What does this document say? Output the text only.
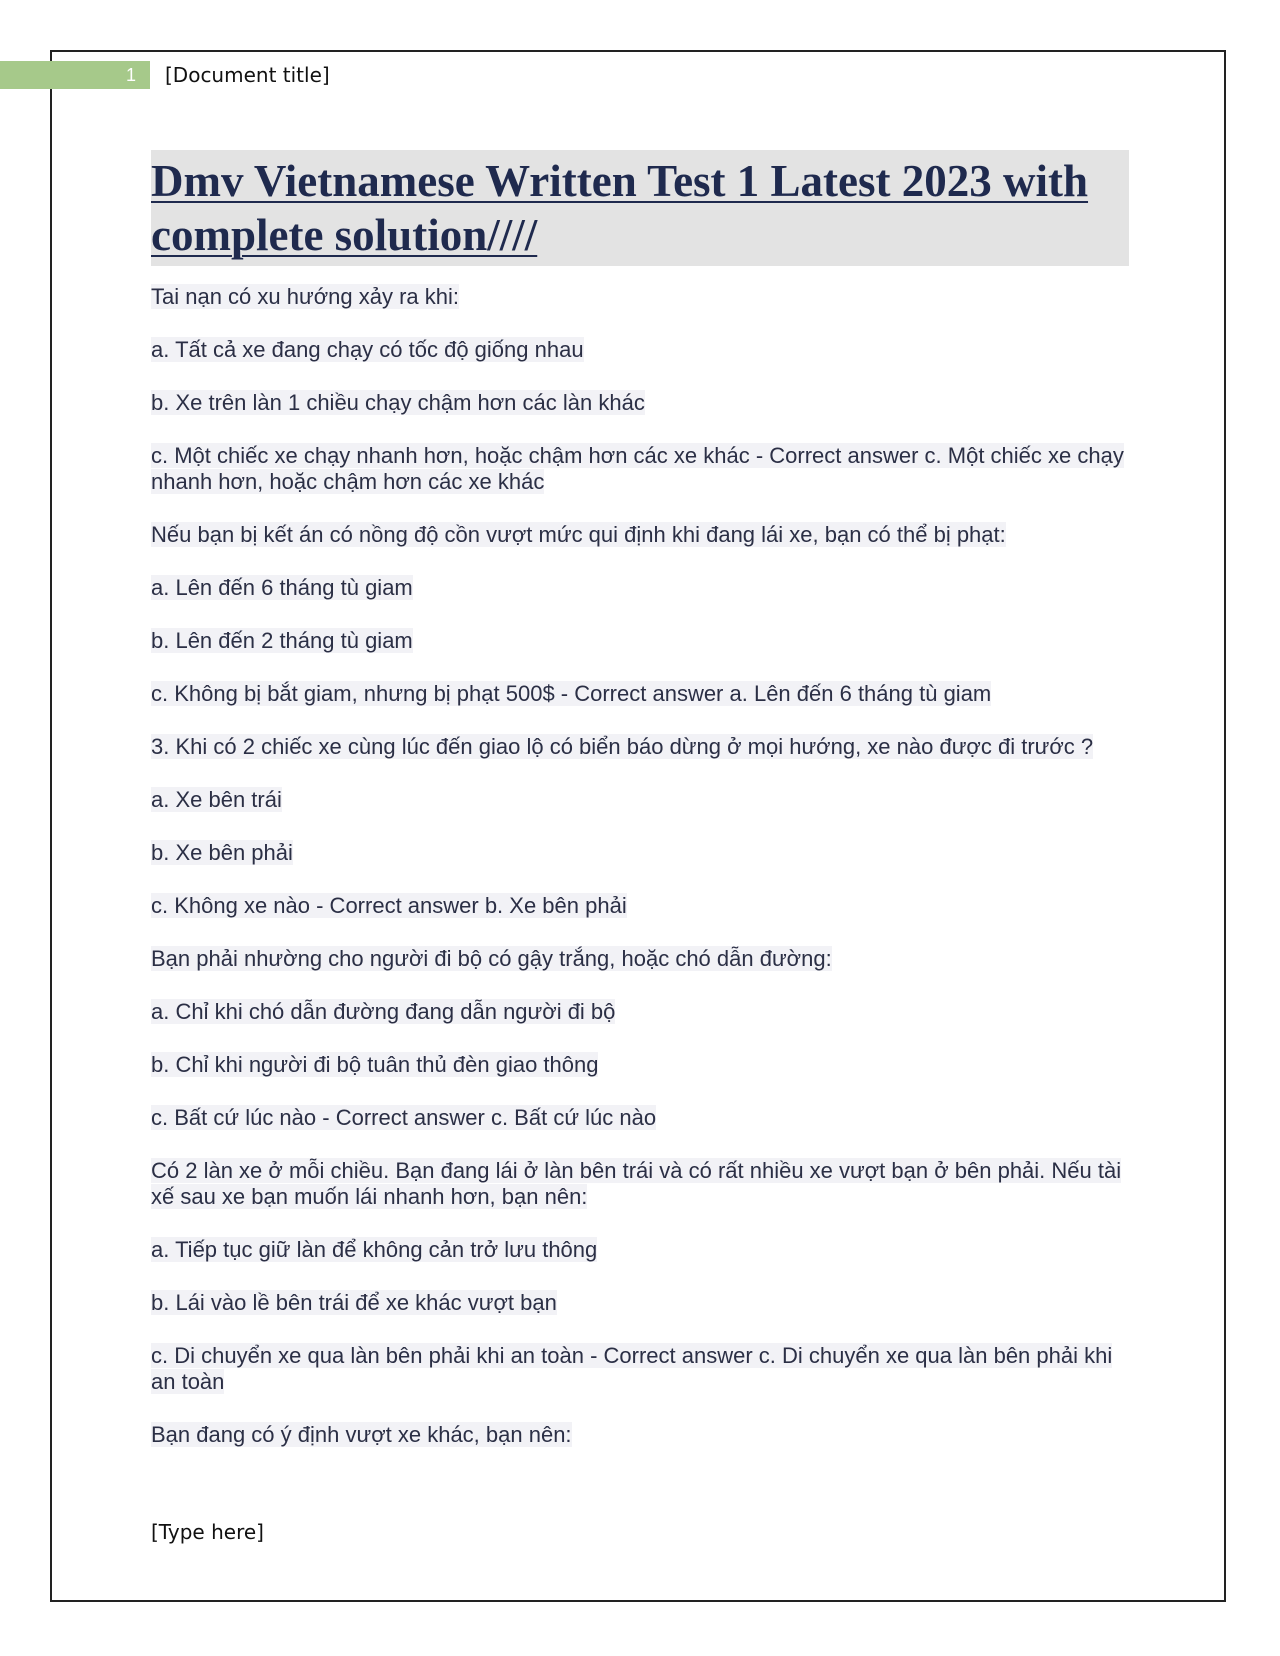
1 [Document title]
Dmv Vietnamese Written Test 1 Latest 2023 with complete solution////

Tai nạn có xu hướng xảy ra khi:

a. Tất cả xe đang chạy có tốc độ giống nhau

b. Xe trên làn 1 chiều chạy chậm hơn các làn khác

c. Một chiếc xe chạy nhanh hơn, hoặc chậm hơn các xe khác - Correct answer c. Một chiếc xe chạy nhanh hơn, hoặc chậm hơn các xe khác

Nếu bạn bị kết án có nồng độ cồn vượt mức qui định khi đang lái xe, bạn có thể bị phạt:

a. Lên đến 6 tháng tù giam

b. Lên đến 2 tháng tù giam

c. Không bị bắt giam, nhưng bị phạt 500$ - Correct answer a. Lên đến 6 tháng tù giam

3. Khi có 2 chiếc xe cùng lúc đến giao lộ có biển báo dừng ở mọi hướng, xe nào được đi trước ?

a. Xe bên trái

b. Xe bên phải

c. Không xe nào - Correct answer b. Xe bên phải

Bạn phải nhường cho người đi bộ có gậy trắng, hoặc chó dẫn đường:

a. Chỉ khi chó dẫn đường đang dẫn người đi bộ

b. Chỉ khi người đi bộ tuân thủ đèn giao thông

c. Bất cứ lúc nào - Correct answer c. Bất cứ lúc nào

Có 2 làn xe ở mỗi chiều. Bạn đang lái ở làn bên trái và có rất nhiều xe vượt bạn ở bên phải. Nếu tài xế sau xe bạn muốn lái nhanh hơn, bạn nên:

a. Tiếp tục giữ làn để không cản trở lưu thông

b. Lái vào lề bên trái để xe khác vượt bạn

c. Di chuyển xe qua làn bên phải khi an toàn - Correct answer c. Di chuyển xe qua làn bên phải khi an toàn

Bạn đang có ý định vượt xe khác, bạn nên:

[Type here]
